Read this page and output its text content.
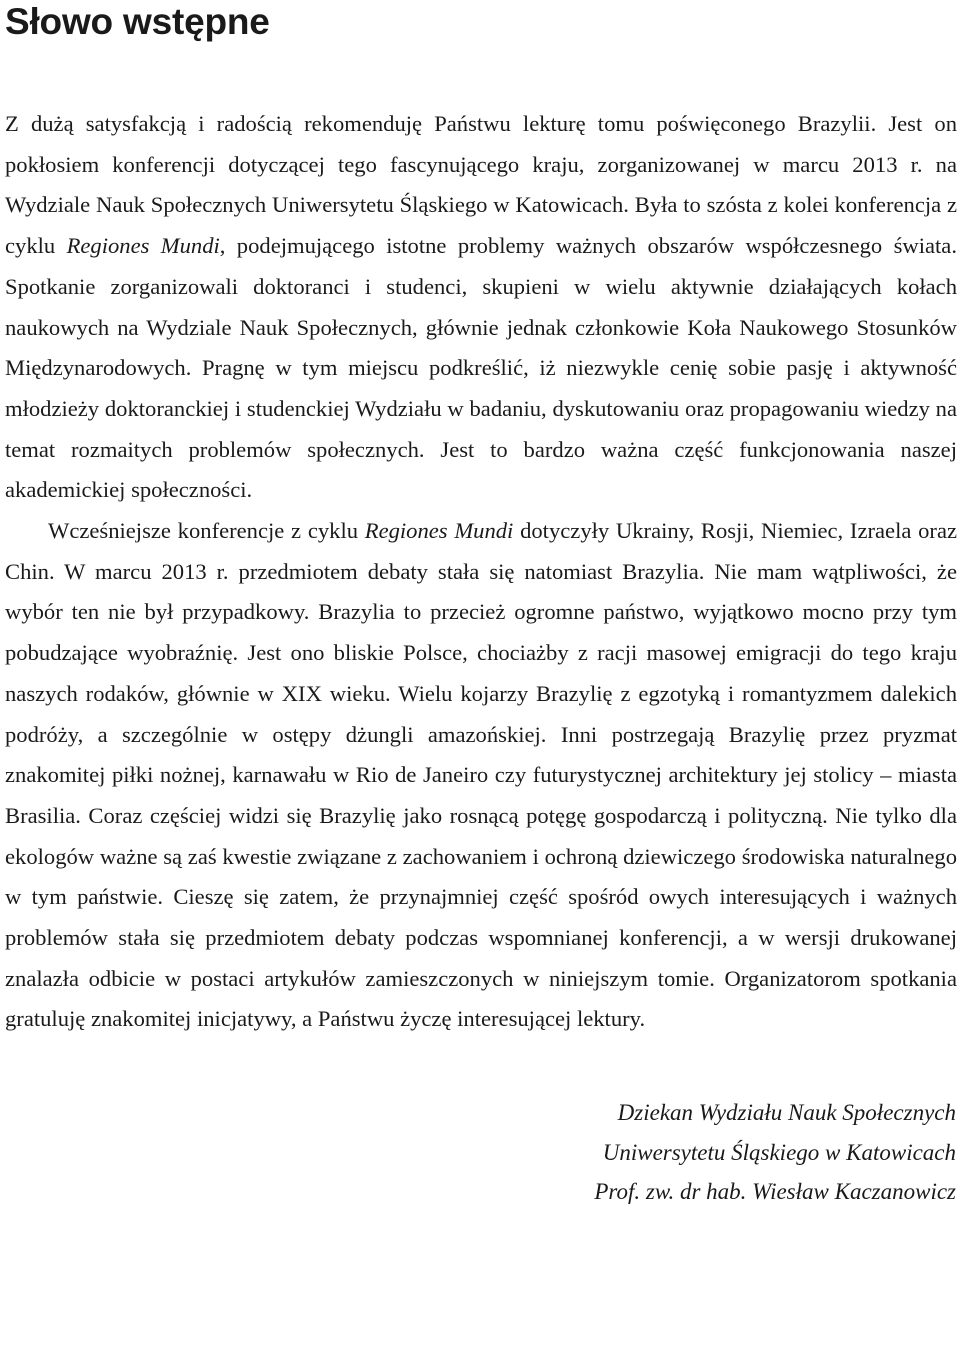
Słowo wstępne

Z dużą satysfakcją i radością rekomenduję Państwu lekturę tomu poświęconego Brazylii. Jest on pokłosiem konferencji dotyczącej tego fascynującego kraju, zorganizowanej w marcu 2013 r. na Wydziale Nauk Społecznych Uniwersytetu Śląskiego w Katowicach. Była to szósta z kolei konferencja z cyklu Regiones Mundi, podejmującego istotne problemy ważnych obszarów współczesnego świata. Spotkanie zorganizowali doktoranci i studenci, skupieni w wielu aktywnie działających kołach naukowych na Wydziale Nauk Społecznych, głównie jednak członkowie Koła Naukowego Stosunków Międzynarodowych. Pragnę w tym miejscu podkreślić, iż niezwykle cenię sobie pasję i aktywność młodzieży doktoranckiej i studenckiej Wydziału w badaniu, dyskutowaniu oraz propagowaniu wiedzy na temat rozmaitych problemów społecznych. Jest to bardzo ważna część funkcjonowania naszej akademickiej społeczności.

Wcześniejsze konferencje z cyklu Regiones Mundi dotyczyły Ukrainy, Rosji, Niemiec, Izraela oraz Chin. W marcu 2013 r. przedmiotem debaty stała się natomiast Brazylia. Nie mam wątpliwości, że wybór ten nie był przypadkowy. Brazylia to przecież ogromne państwo, wyjątkowo mocno przy tym pobudzające wyobraźnię. Jest ono bliskie Polsce, chociażby z racji masowej emigracji do tego kraju naszych rodaków, głównie w XIX wieku. Wielu kojarzy Brazylię z egzotyką i romantyzmem dalekich podróży, a szczególnie w ostępy dżungli amazońskiej. Inni postrzegają Brazylię przez pryzmat znakomitej piłki nożnej, karnawału w Rio de Janeiro czy futurystycznej architektury jej stolicy – miasta Brasilia. Coraz częściej widzi się Brazylię jako rosnącą potęgę gospodarczą i polityczną. Nie tylko dla ekologów ważne są zaś kwestie związane z zachowaniem i ochroną dziewiczego środowiska naturalnego w tym państwie. Cieszę się zatem, że przynajmniej część spośród owych interesujących i ważnych problemów stała się przedmiotem debaty podczas wspomnianej konferencji, a w wersji drukowanej znalazła odbicie w postaci artykułów zamieszczonych w niniejszym tomie. Organizatorom spotkania gratuluję znakomitej inicjatywy, a Państwu życzę interesującej lektury.

Dziekan Wydziału Nauk Społecznych
Uniwersytetu Śląskiego w Katowicach
Prof. zw. dr hab. Wiesław Kaczanowicz
